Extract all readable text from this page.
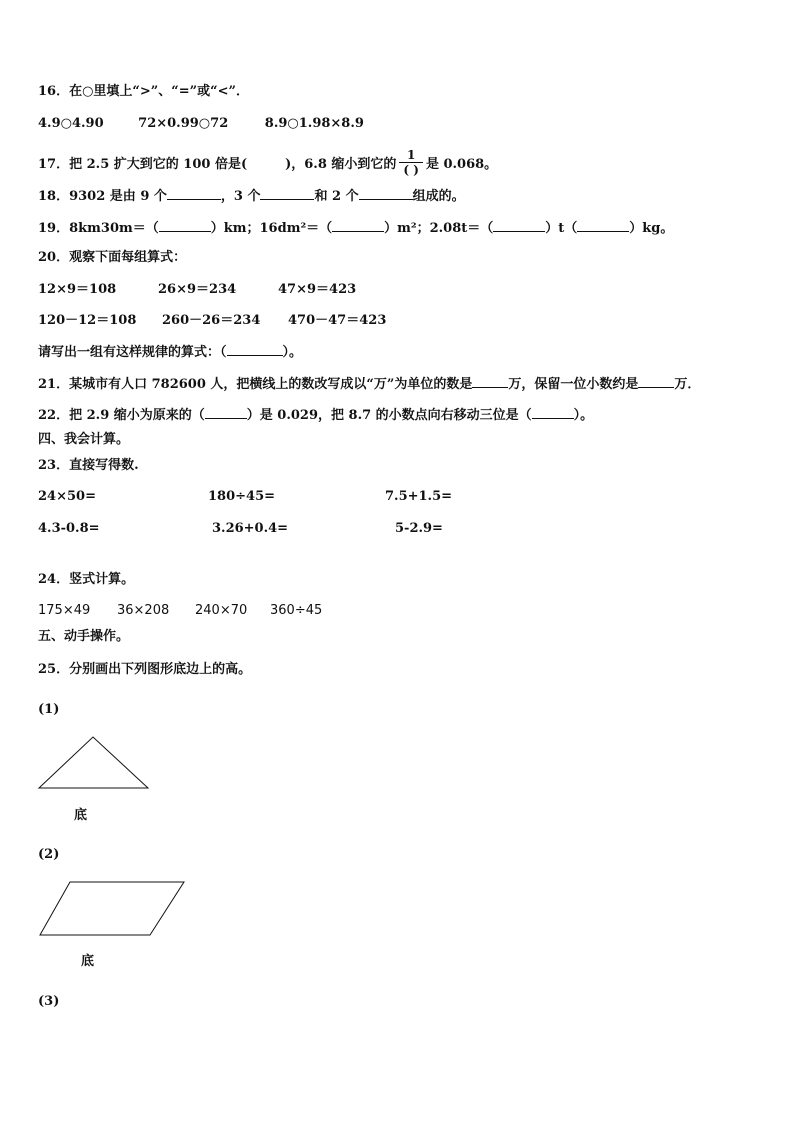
16．在○里填上“>”、“=”或“<”．
4.9○4.90	72×0.99○72	8.9○1.98×8.9
17．把 2.5 扩大到它的 100 倍是(	)，6.8 缩小到它的 $\frac{1}{( )}$ 是 0.068。
18．9302 是由 9 个	，3 个	和 2 个	组成的。
19．8km30m＝（	）km；16dm²＝（	）m²；2.08t＝（	）t（	）kg。
20．观察下面每组算式：
12×9＝108	26×9＝234	47×9＝423
120－12＝108 260－26＝234 470－47＝423
请写出一组有这样规律的算式：（	）。
21．某城市有人口 782600 人，把横线上的数改写成以“万”为单位的数是	万，保留一位小数约是	万．
22．把 2.9 缩小为原来的（	）是 0.029，把 8.7 的小数点向右移动三位是（	）。
四、我会计算。
23．直接写得数.
24×50=	180÷45=	7.5+1.5=
4.3-0.8=	3.26+0.4=	5-2.9=
24．竖式计算。
175×49 36×208 240×70 360÷45
五、动手操作。
25．分别画出下列图形底边上的高。
(1)
底
(2)
底
(3)
